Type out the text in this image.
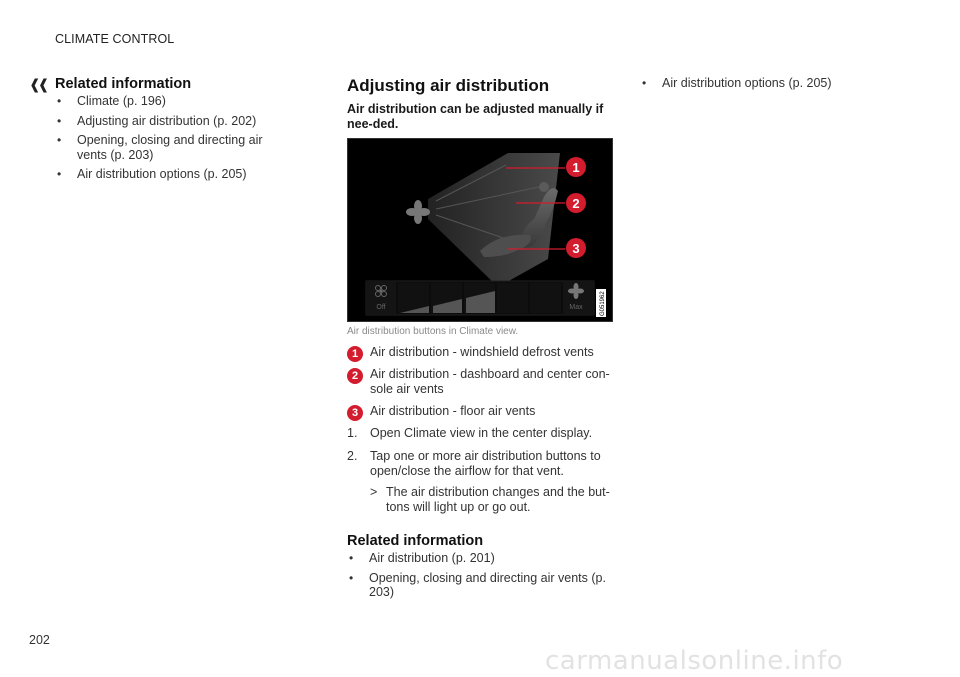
CLIMATE CONTROL
❰❰ Related information
• Climate (p. 196)
• Adjusting air distribution (p. 202)
• Opening, closing and directing air vents (p. 203)
• Air distribution options (p. 205)
Adjusting air distribution

Air distribution can be adjusted manually if nee-ded.

1
2
3
Off	Max	G051962
Air distribution buttons in Climate view.
1 Air distribution - windshield defrost vents
2 Air distribution - dashboard and center con-sole air vents
3 Air distribution - floor air vents
1. Open Climate view in the center display.
2. Tap one or more air distribution buttons to open/close the airflow for that vent.
> The air distribution changes and the but-tons will light up or go out.
Related information
• Air distribution (p. 201)
• Opening, closing and directing air vents (p. 203)
• Air distribution options (p. 205)
202
carmanualsonline.info
